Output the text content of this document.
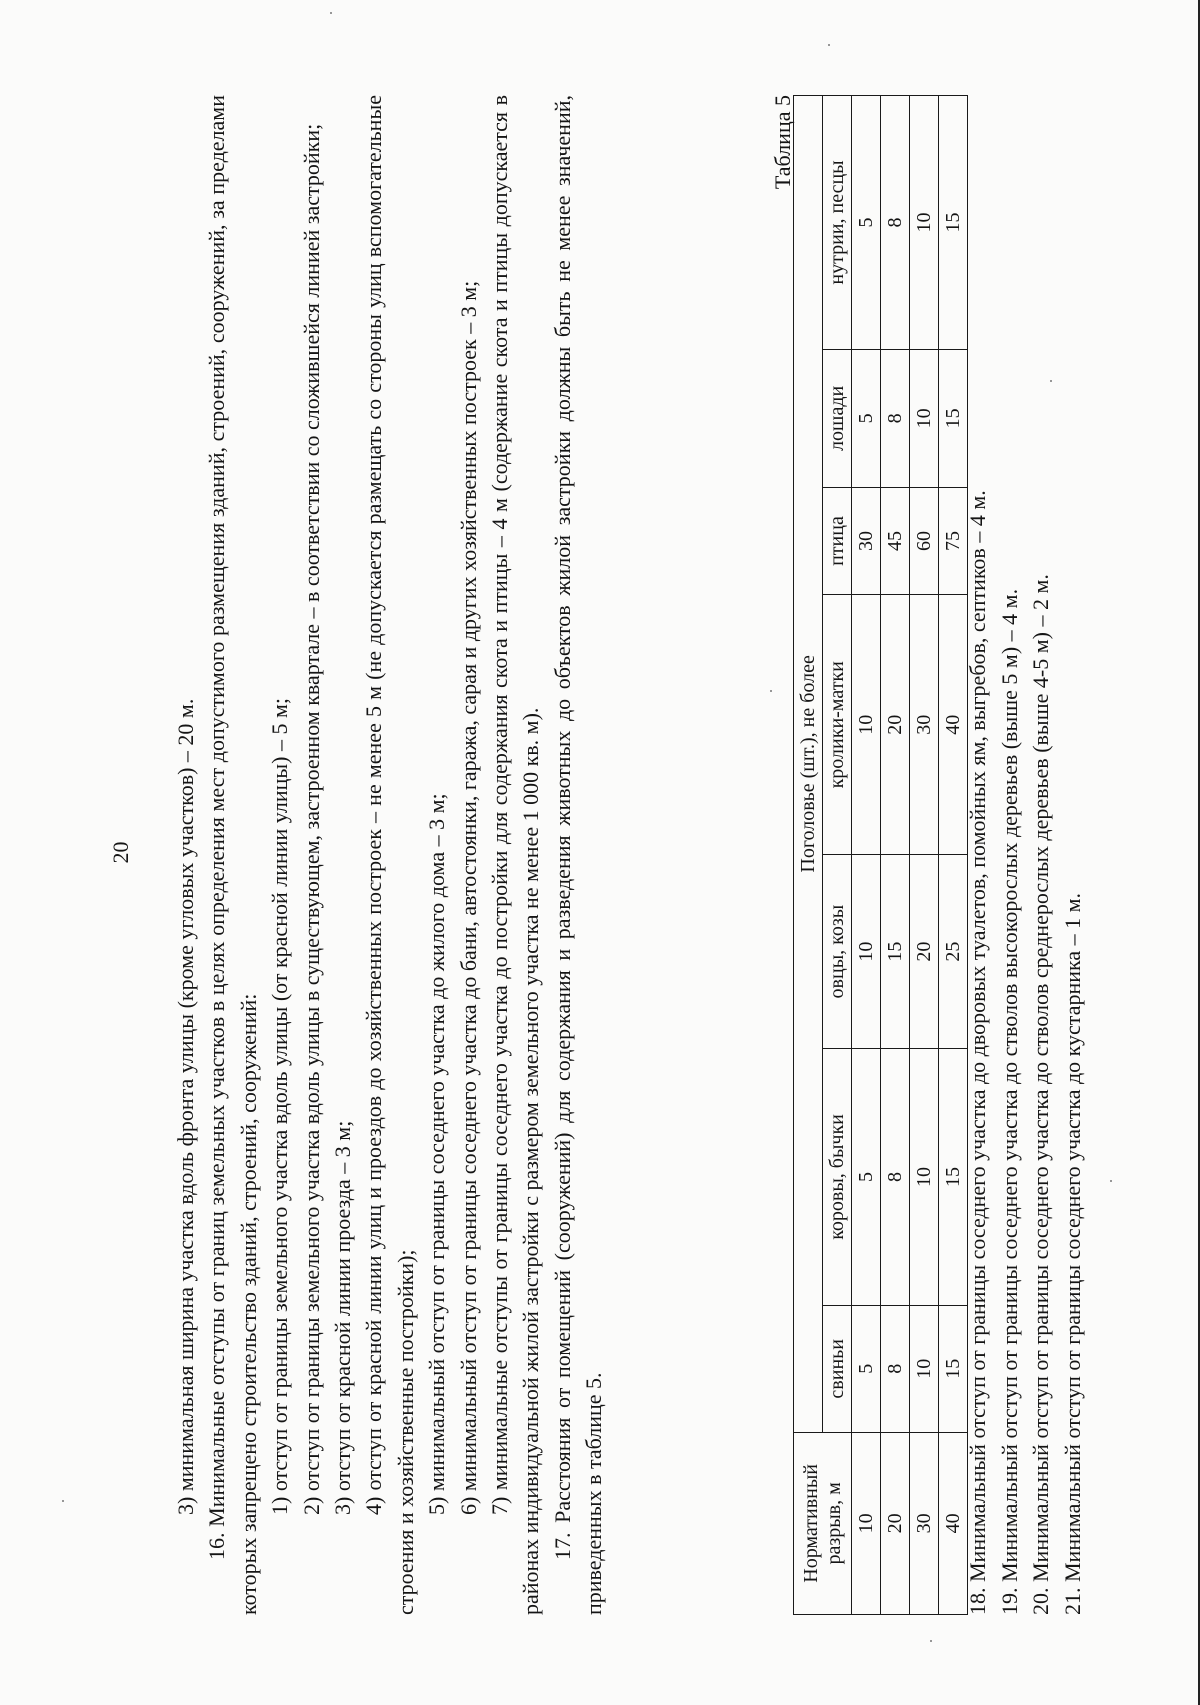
20 3) минимальная ширина участка вдоль фронта улицы (кроме угловых участков) – 20 м. 16. Минимальные отступы от границ земельных участков в целях определения мест допустимого размещения зданий, строений, сооружений, за пределами которых запрещено строительство зданий, строений, сооружений: 1) отступ от границы земельного участка вдоль улицы (от красной линии улицы) – 5 м; 2) отступ от границы земельного участка вдоль улицы в существующем, застроенном квартале – в соответствии со сложившейся линией застройки; 3) отступ от красной линии проезда – 3 м; 4) отступ от красной линии улиц и проездов до хозяйственных построек – не менее 5 м (не допускается размещать со стороны улиц вспомогательные строения и хозяйственные постройки); 5) минимальный отступ от границы соседнего участка до жилого дома – 3 м; 6) минимальный отступ от границы соседнего участка до бани, автостоянки, гаража, сарая и других хозяйственных построек – 3 м; 7) минимальные отступы от границы соседнего участка до постройки для содержания скота и птицы – 4 м (содержание скота и птицы допускается в районах индивидуальной жилой застройки с размером земельного участка не менее 1 000 кв. м). 17. Расстояния от помещений (сооружений) для содержания и разведения животных до объектов жилой застройки должны быть не менее значений, приведенных в таблице 5.

Таблица 5
Нормативный разрыв, м	Поголовье (шт.), не более						
	свиньи	коровы, бычки	овцы, козы	кролики-матки	птица	лошади	нутрии, песцы
10	5	5	10	10	30	5	5
20	8	8	15	20	45	8	8
30	10	10	20	30	60	10	10
40	15	15	25	40	75	15	15

18. Минимальный отступ от границы соседнего участка до дворовых туалетов, помойных ям, выгребов, септиков – 4 м. 19. Минимальный отступ от границы соседнего участка до стволов высокорослых деревьев (выше 5 м) – 4 м. 20. Минимальный отступ от границы соседнего участка до стволов среднерослых деревьев (выше 4-5 м) – 2 м. 21. Минимальный отступ от границы соседнего участка до кустарника – 1 м.
